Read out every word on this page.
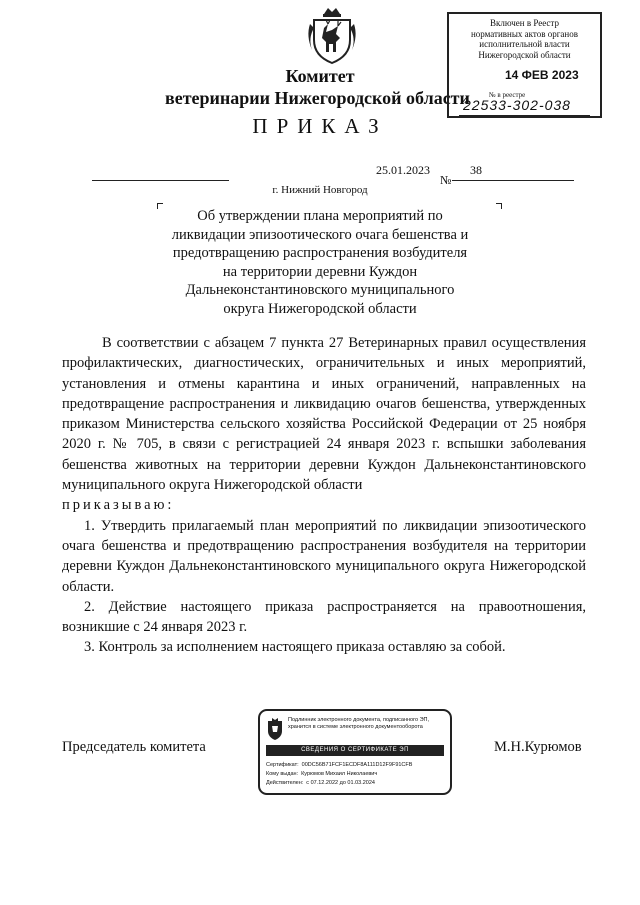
Комитет
ветеринарии Нижегородской области
ПРИКАЗ
25.01.2023	38
№
г. Нижний Новгород
Об утверждении плана мероприятий по
ликвидации эпизоотического очага бешенства и
предотвращению распространения возбудителя
на территории деревни Куждон
Дальнеконстантиновского муниципального
округа Нижегородской области

В соответствии с абзацем 7 пункта 27 Ветеринарных правил осуществления профилактических, диагностических, ограничительных и иных мероприятий, установления и отмены карантина и иных ограничений, направленных на предотвращение распространения и ликвидацию очагов бешенства, утвержденных приказом Министерства сельского хозяйства Российской Федерации от 25 ноября 2020 г. № 705, в связи с регистрацией 24 января 2023 г. вспышки заболевания бешенства животных на территории деревни Куждон Дальнеконстантиновского муниципального округа Нижегородской области

приказываю:

1. Утвердить прилагаемый план мероприятий по ликвидации эпизоотического очага бешенства и предотвращению распространения возбудителя на территории деревни Куждон Дальнеконстантиновского муниципального округа Нижегородской области.

2. Действие настоящего приказа распространяется на правоотношения, возникшие с 24 января 2023 г.

3. Контроль за исполнением настоящего приказа оставляю за собой.

Председатель комитета	М.Н.Курюмов
Включен в Реестр
нормативных актов органов
исполнительной власти
Нижегородской области
14 ФЕВ 2023
№ в реестре
22533-302-038
Подлинник электронного документа, подписанного ЭП,
хранится в системе электронного документооборота
СВЕДЕНИЯ О СЕРТИФИКАТЕ ЭП
Сертификат: 00DC56B71FCF1ECDF8A111D12F9F91CFB
Кому выдан: Курюмов Михаил Николаевич
Действителен: с 07.12.2022 до 01.03.2024
